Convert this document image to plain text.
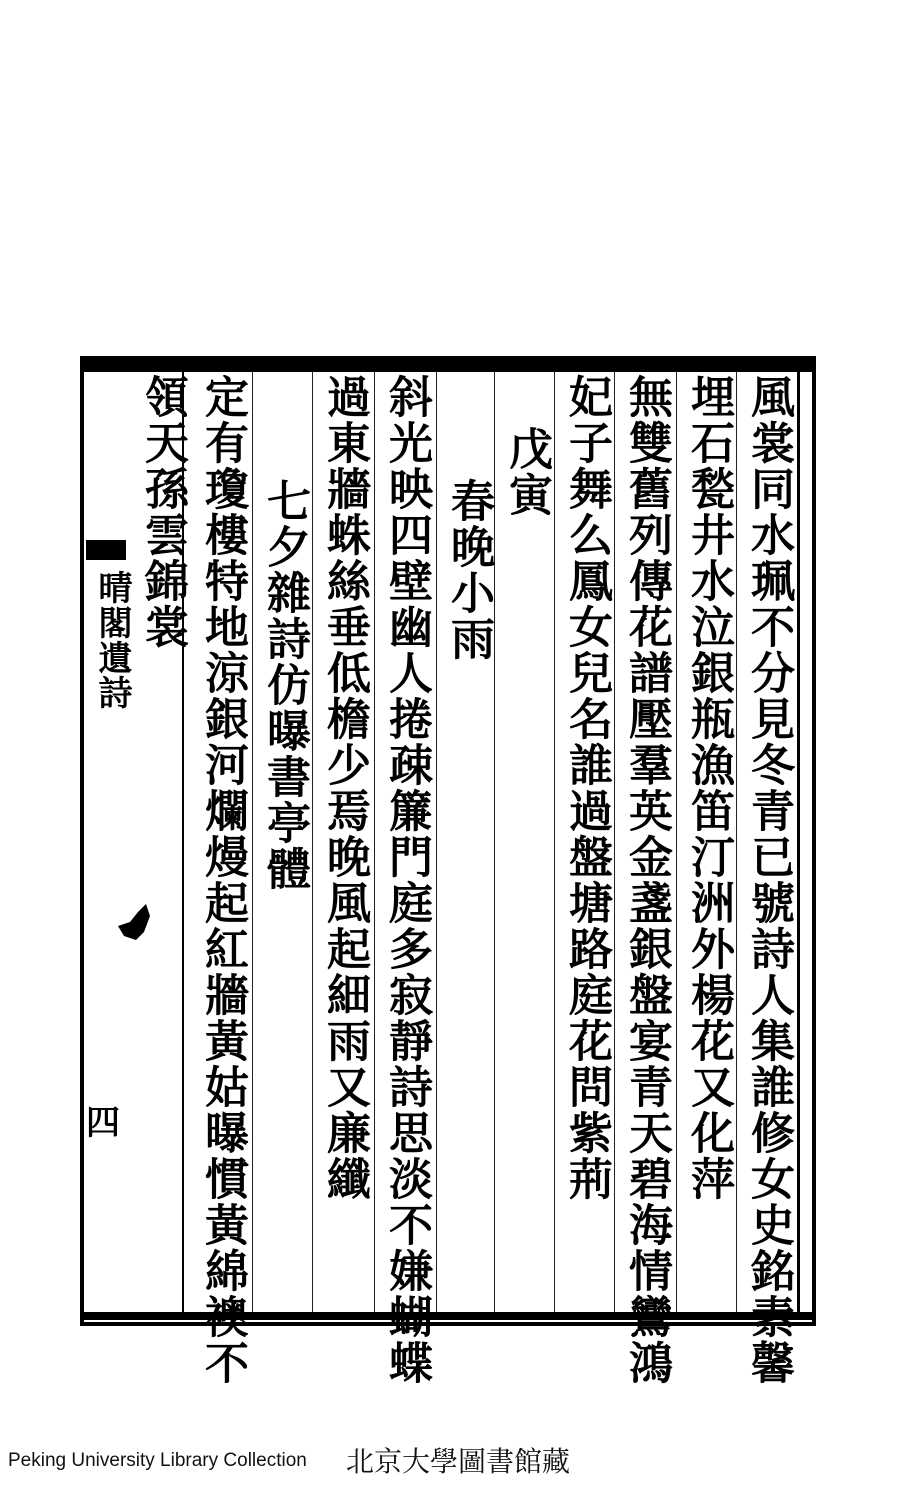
風裳同水珮不分見冬青已號詩人集誰修女史銘素馨
埋石甃井水泣銀瓶漁笛汀洲外楊花又化萍
無雙舊列傳花譜壓羣英金盞銀盤宴青天碧海情鸞鴻
妃子舞么鳳女兒名誰過盤塘路庭花問紫荊
戊寅
春晚小雨
斜光映四壁幽人捲疎簾門庭多寂靜詩思淡不嫌蝴蝶
過東牆蛛絲垂低檐少焉晚風起細雨又廉纖
七夕雜詩仿曝書亭體
定有瓊樓特地涼銀河爛熳起紅牆黃姑曝慣黃綿襖不
領天孫雲錦裳
晴閣遺詩
四
Peking University Library Collection 北京大學圖書館藏
